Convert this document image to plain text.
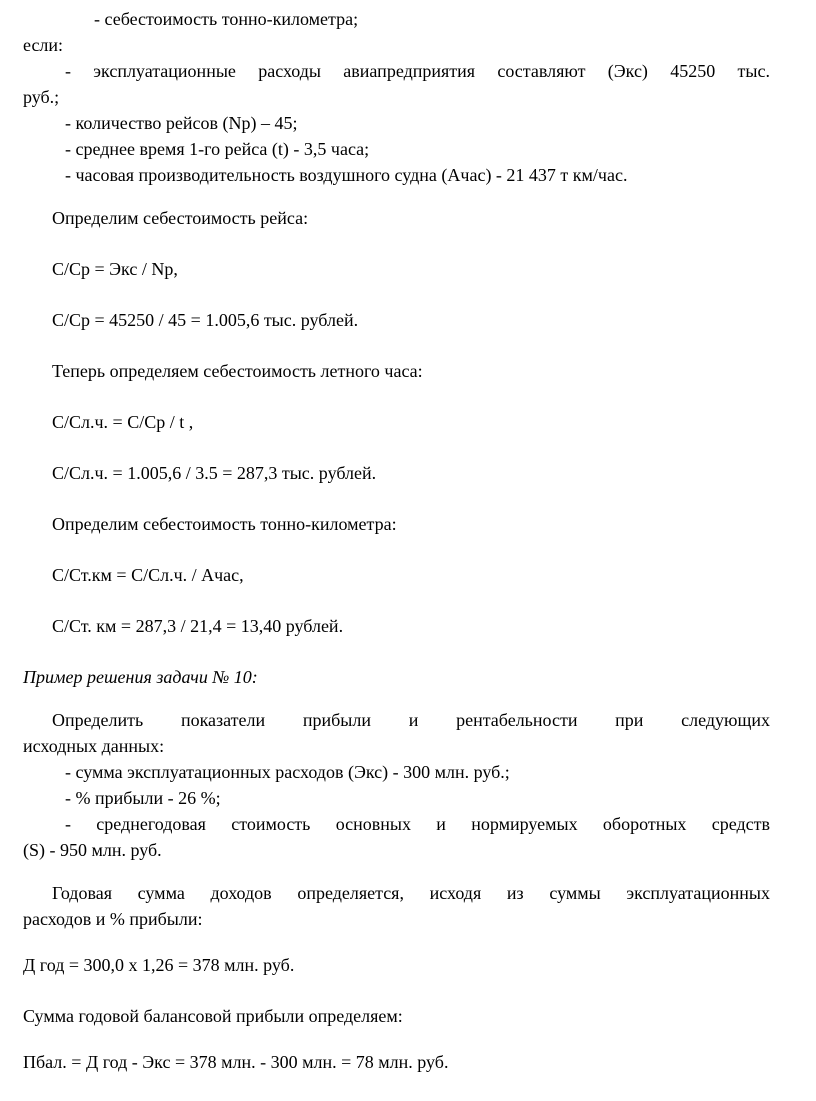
- себестоимость тонно-километра;
если:
- эксплуатационные расходы авиапредприятия составляют (Экс) 45250 тыс.
руб.;
- количество рейсов (Np) – 45;
- среднее время 1-го рейса (t) - 3,5 часа;
- часовая производительность воздушного судна (Ачас) - 21 437 т км/час.
Определим себестоимость рейса:
С/Ср = Экс / Np,
С/Ср = 45250 / 45 = 1.005,6 тыс. рублей.
Теперь определяем себестоимость летного часа:
С/Сл.ч. = С/Ср / t ,
С/Сл.ч. = 1.005,6 / 3.5 = 287,3 тыс. рублей.
Определим себестоимость тонно-километра:
С/Ст.км = С/Сл.ч. / Ачас,
С/Ст. км = 287,3 / 21,4 = 13,40 рублей.
Пример решения задачи № 10:
Определить показатели прибыли и рентабельности при следующих
исходных данных:
- сумма эксплуатационных расходов (Экс) - 300 млн. руб.;
- % прибыли - 26 %;
- среднегодовая стоимость основных и нормируемых оборотных средств
(S) - 950 млн. руб.
Годовая сумма доходов определяется, исходя из суммы эксплуатационных
расходов и % прибыли:
Д год = 300,0 х 1,26 = 378 млн. руб.
Сумма годовой балансовой прибыли определяем:
Пбал. = Д год - Экс = 378 млн. - 300 млн. = 78 млн. руб.
